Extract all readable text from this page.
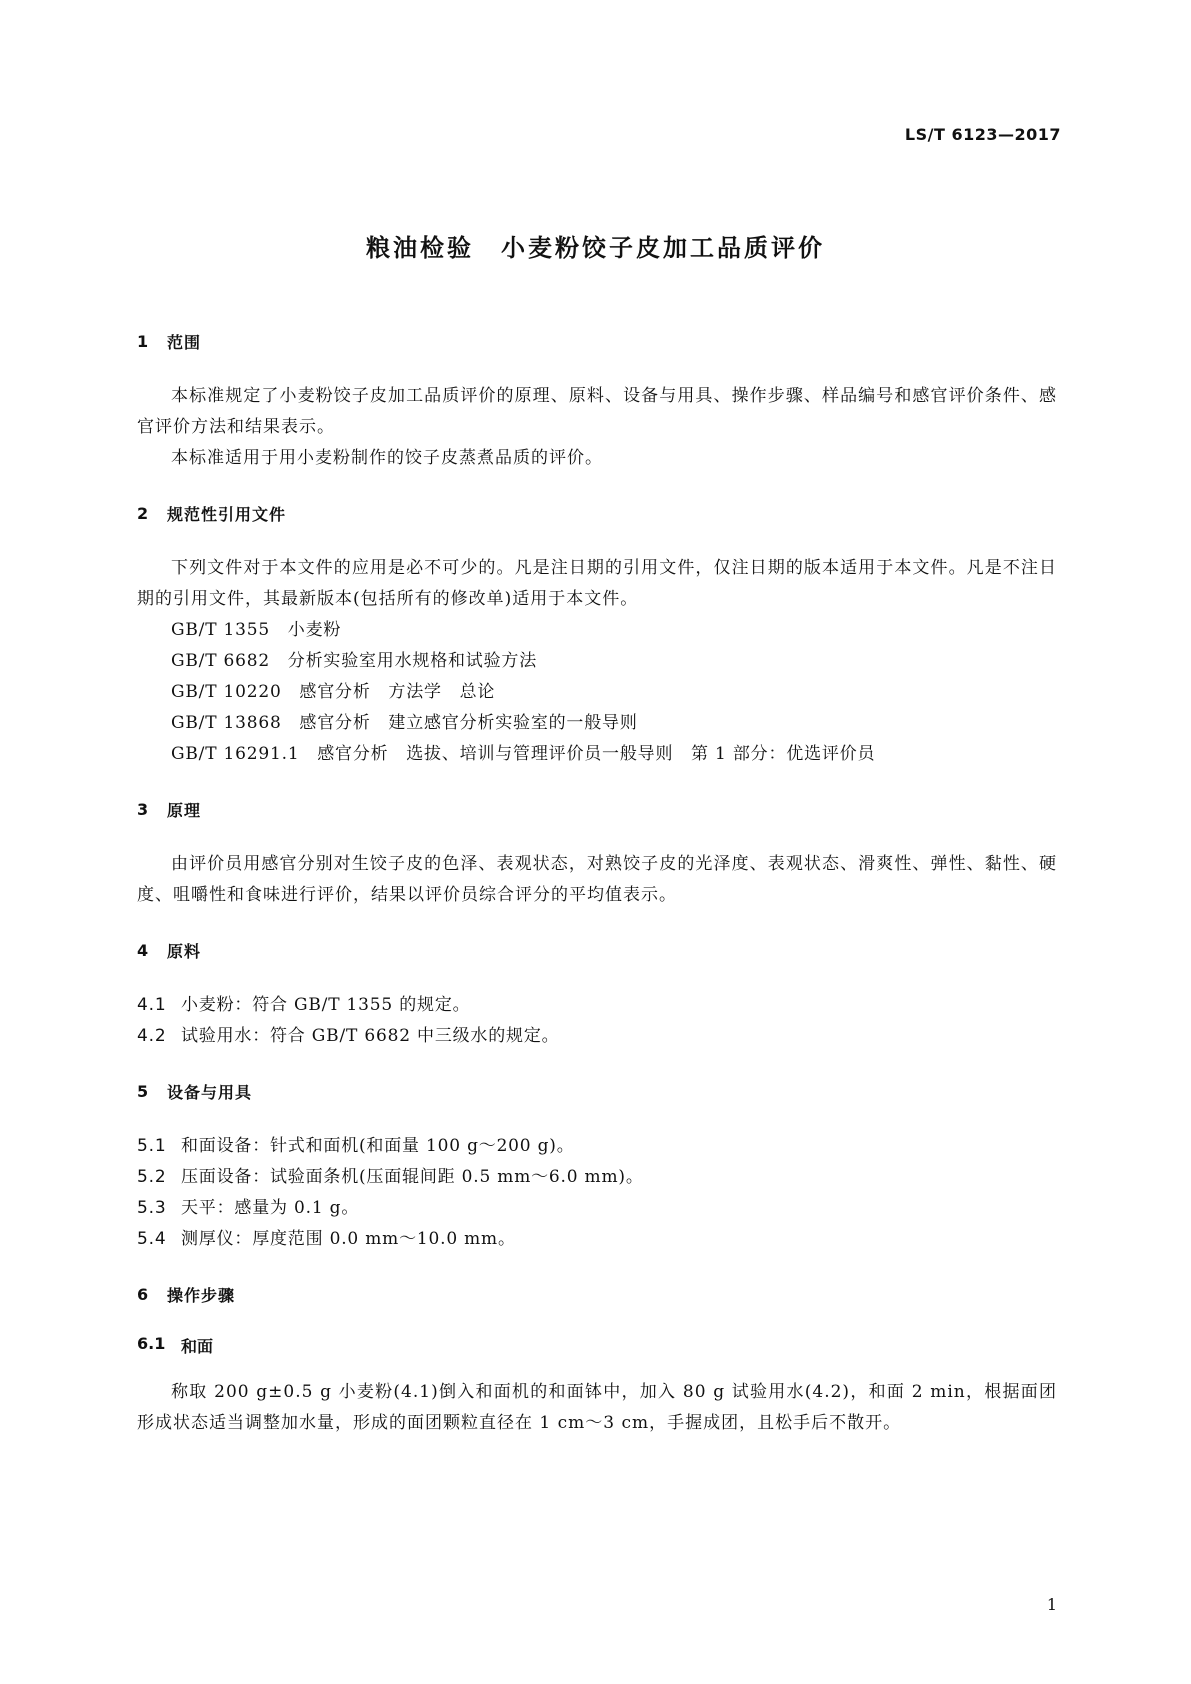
LS/T 6123—2017
粮油检验　小麦粉饺子皮加工品质评价
1	范围

本标准规定了小麦粉饺子皮加工品质评价的原理、原料、设备与用具、操作步骤、样品编号和感官评价条件、感官评价方法和结果表示。

本标准适用于用小麦粉制作的饺子皮蒸煮品质的评价。

2	规范性引用文件

下列文件对于本文件的应用是必不可少的。凡是注日期的引用文件，仅注日期的版本适用于本文件。凡是不注日期的引用文件，其最新版本(包括所有的修改单)适用于本文件。

GB/T 1355　小麦粉
GB/T 6682　分析实验室用水规格和试验方法
GB/T 10220　感官分析　方法学　总论
GB/T 13868　感官分析　建立感官分析实验室的一般导则
GB/T 16291.1　感官分析　选拔、培训与管理评价员一般导则　第 1 部分：优选评价员
3	原理

由评价员用感官分别对生饺子皮的色泽、表观状态，对熟饺子皮的光泽度、表观状态、滑爽性、弹性、黏性、硬度、咀嚼性和食味进行评价，结果以评价员综合评分的平均值表示。

4	原料
4.1 小麦粉：符合 GB/T 1355 的规定。
4.2 试验用水：符合 GB/T 6682 中三级水的规定。
5	设备与用具
5.1 和面设备：针式和面机(和面量 100 g～200 g)。
5.2 压面设备：试验面条机(压面辊间距 0.5 mm～6.0 mm)。
5.3 天平：感量为 0.1 g。
5.4 测厚仪：厚度范围 0.0 mm～10.0 mm。
6	操作步骤
6.1 和面

称取 200 g±0.5 g 小麦粉(4.1)倒入和面机的和面钵中，加入 80 g 试验用水(4.2)，和面 2 min，根据面团形成状态适当调整加水量，形成的面团颗粒直径在 1 cm～3 cm，手握成团，且松手后不散开。

1
